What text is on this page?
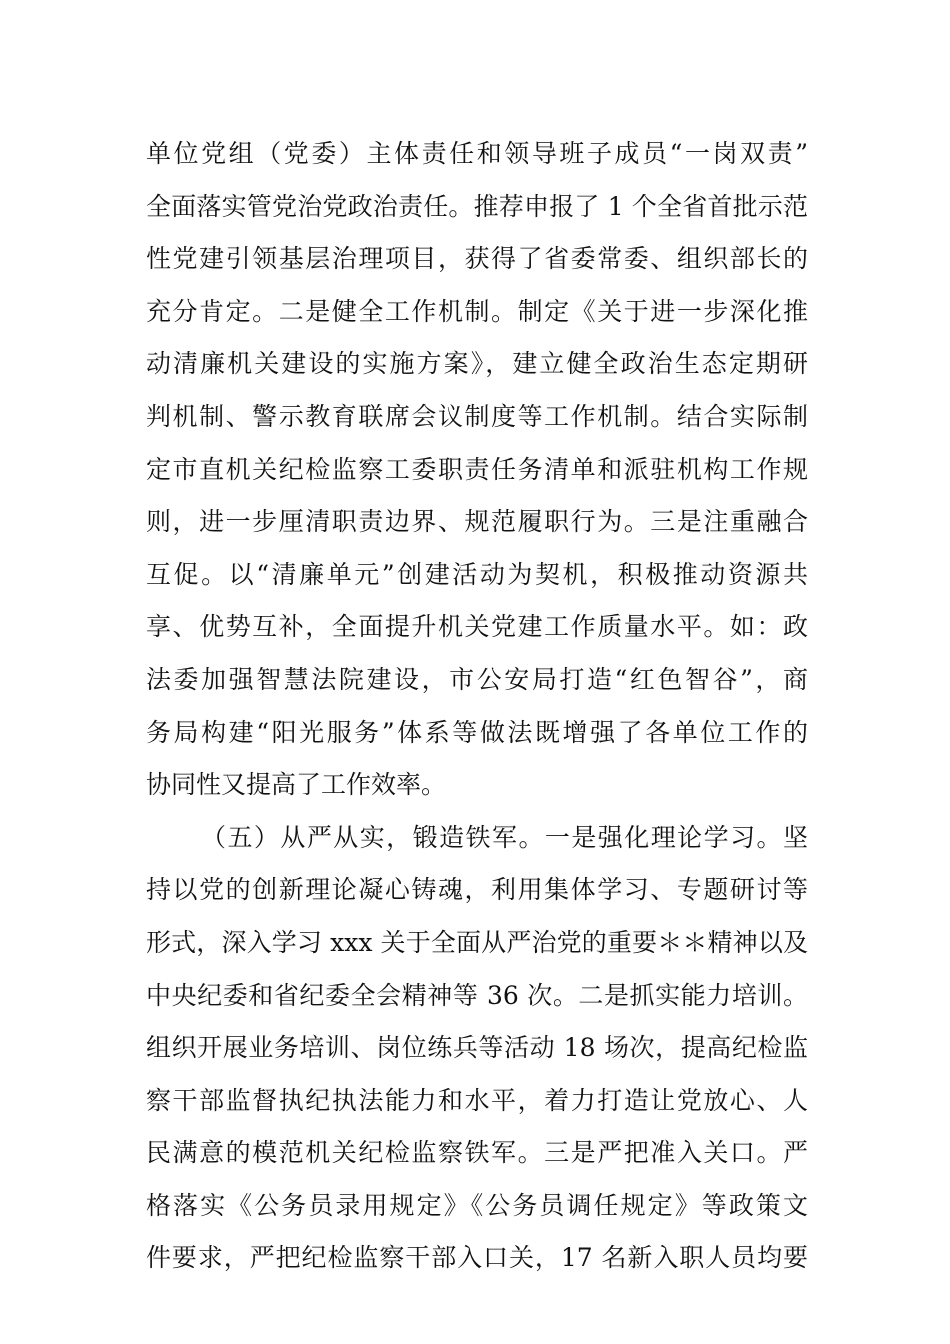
单位党组（党委）主体责任和领导班子成员“一岗双责”
全面落实管党治党政治责任。推荐申报了 1 个全省首批示范
性党建引领基层治理项目，获得了省委常委、组织部长的
充分肯定。二是健全工作机制。制定《关于进一步深化推
动清廉机关建设的实施方案》，建立健全政治生态定期研
判机制、警示教育联席会议制度等工作机制。结合实际制
定市直机关纪检监察工委职责任务清单和派驻机构工作规
则，进一步厘清职责边界、规范履职行为。三是注重融合
互促。以“清廉单元”创建活动为契机，积极推动资源共
享、优势互补，全面提升机关党建工作质量水平。如：政
法委加强智慧法院建设，市公安局打造“红色智谷”，商
务局构建“阳光服务”体系等做法既增强了各单位工作的
协同性又提高了工作效率。
（五）从严从实，锻造铁军。一是强化理论学习。坚
持以党的创新理论凝心铸魂，利用集体学习、专题研讨等
形式，深入学习 xxx 关于全面从严治党的重要＊＊精神以及
中央纪委和省纪委全会精神等 36 次。二是抓实能力培训。
组织开展业务培训、岗位练兵等活动 18 场次，提高纪检监
察干部监督执纪执法能力和水平，着力打造让党放心、人
民满意的模范机关纪检监察铁军。三是严把准入关口。严
格落实《公务员录用规定》《公务员调任规定》等政策文
件要求，严把纪检监察干部入口关，17 名新入职人员均要
